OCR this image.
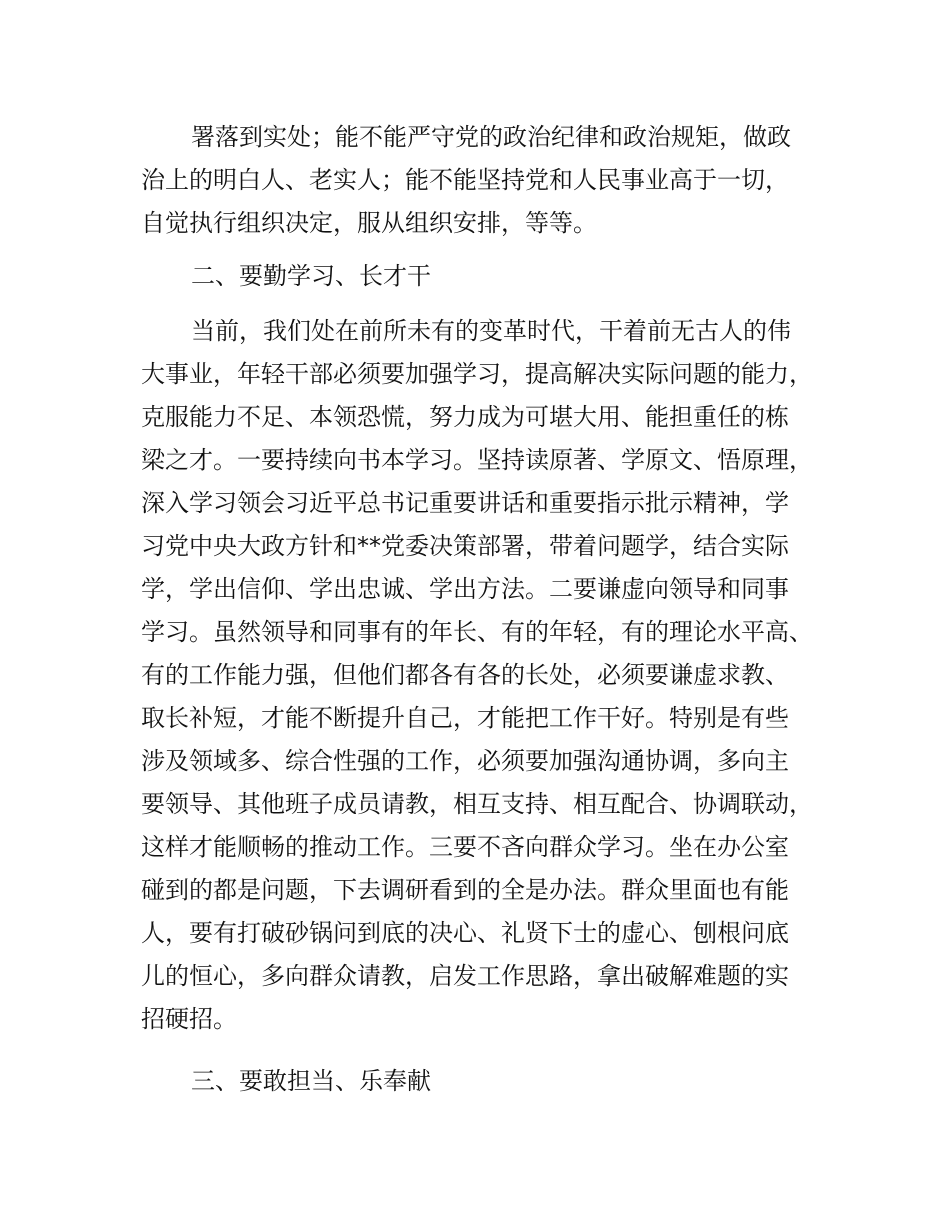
署落到实处；能不能严守党的政治纪律和政治规矩，做政
治上的明白人、老实人；能不能坚持党和人民事业高于一切，
自觉执行组织决定，服从组织安排，等等。
二、要勤学习、长才干
当前，我们处在前所未有的变革时代，干着前无古人的伟
大事业，年轻干部必须要加强学习，提高解决实际问题的能力，
克服能力不足、本领恐慌，努力成为可堪大用、能担重任的栋
梁之才。一要持续向书本学习。坚持读原著、学原文、悟原理，
深入学习领会习近平总书记重要讲话和重要指示批示精神，学
习党中央大政方针和**党委决策部署，带着问题学，结合实际
学，学出信仰、学出忠诚、学出方法。二要谦虚向领导和同事
学习。虽然领导和同事有的年长、有的年轻，有的理论水平高、
有的工作能力强，但他们都各有各的长处，必须要谦虚求教、
取长补短，才能不断提升自己，才能把工作干好。特别是有些
涉及领域多、综合性强的工作，必须要加强沟通协调，多向主
要领导、其他班子成员请教，相互支持、相互配合、协调联动，
这样才能顺畅的推动工作。三要不吝向群众学习。坐在办公室
碰到的都是问题，下去调研看到的全是办法。群众里面也有能
人，要有打破砂锅问到底的决心、礼贤下士的虚心、刨根问底
儿的恒心，多向群众请教，启发工作思路，拿出破解难题的实
招硬招。
三、要敢担当、乐奉献
